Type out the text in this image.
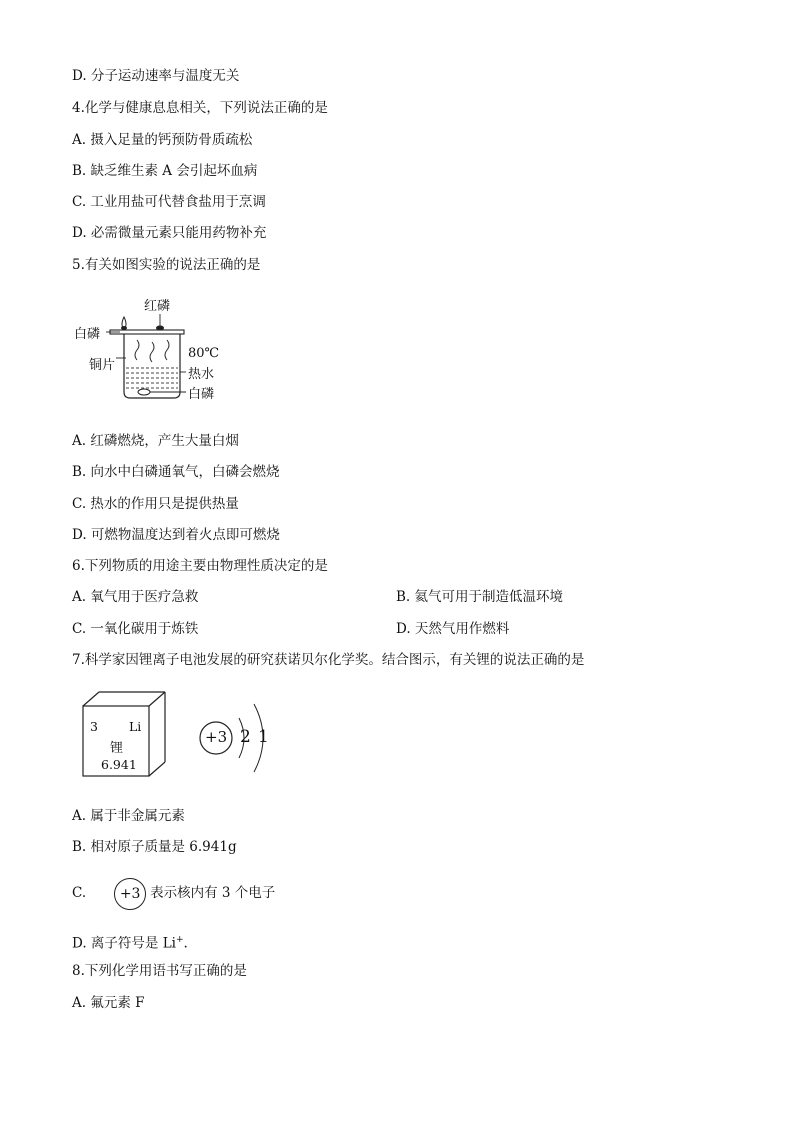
D. 分子运动速率与温度无关
4.化学与健康息息相关，下列说法正确的是
A. 摄入足量的钙预防骨质疏松
B. 缺乏维生素 A 会引起坏血病
C. 工业用盐可代替食盐用于烹调
D. 必需微量元素只能用药物补充
5.有关如图实验的说法正确的是
红磷
白磷
铜片
80℃
热水
白磷
A. 红磷燃烧，产生大量白烟
B. 向水中白磷通氧气，白磷会燃烧
C. 热水的作用只是提供热量
D. 可燃物温度达到着火点即可燃烧
6.下列物质的用途主要由物理性质决定的是
A. 氧气用于医疗急救	B. 氦气可用于制造低温环境
C. 一氧化碳用于炼铁	D. 天然气用作燃料
7.科学家因锂离子电池发展的研究获诺贝尔化学奖。结合图示，有关锂的说法正确的是
3 Li
锂
6.941
+3 2 1
A. 属于非金属元素
B. 相对原子质量是 6.941g
C. +3 表示核内有 3 个电子
D. 离子符号是 Li+.
8.下列化学用语书写正确的是
A. 氟元素 F
